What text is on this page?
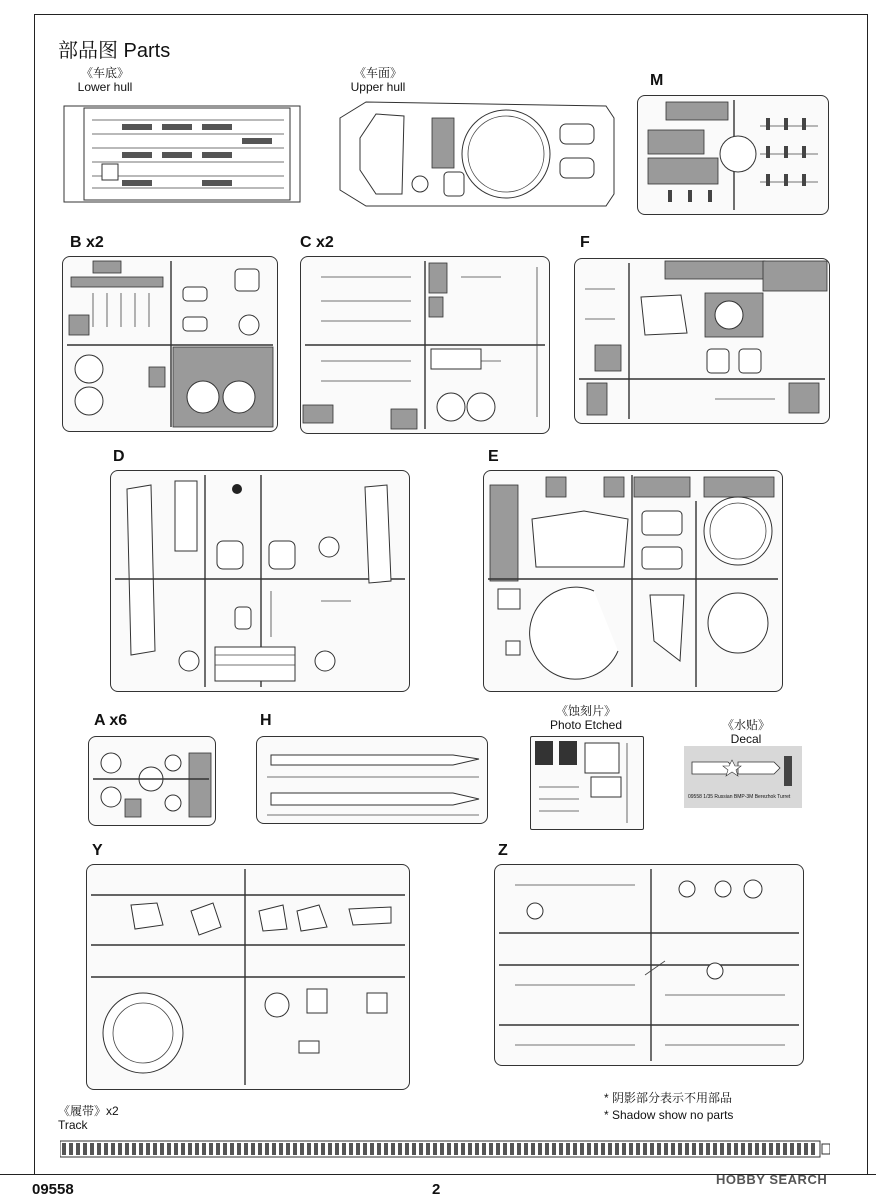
部品图 Parts
《车底》
Lower hull
《车面》
Upper hull	M
B x2	C x2	F
D	E
A x6	H
《蚀刻片》
Photo Etched	《水贴》
Decal
09558 1/35 Russian BMP-3M Berezhok Turret
Y	Z
* 阴影部分表示不用部品
* Shadow show no parts
《履带》x2
Track
09558	2
HOBBY SEARCH
